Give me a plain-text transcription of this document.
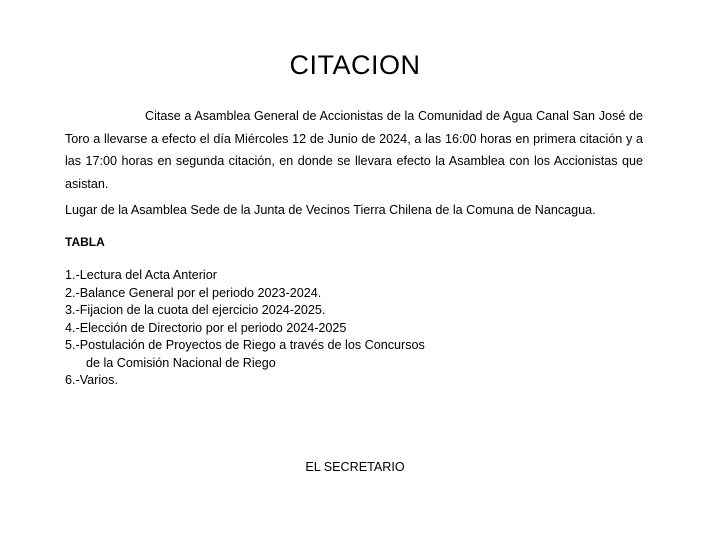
CITACION

Citase a Asamblea General de Accionistas de la Comunidad de Agua Canal San José de Toro a llevarse a efecto el día Miércoles 12 de Junio de 2024, a las 16:00 horas en primera citación y a las 17:00 horas en segunda citación, en donde se llevara efecto la Asamblea con los Accionistas que asistan.

Lugar de la Asamblea Sede de la Junta de Vecinos Tierra Chilena de la Comuna de Nancagua.

TABLA

1.-Lectura del Acta Anterior
2.-Balance General por el periodo 2023-2024.
3.-Fijacion de la cuota del ejercicio 2024-2025.
4.-Elección de Directorio por el periodo 2024-2025
5.-Postulación de Proyectos de Riego a través de los Concursos
de la Comisión Nacional de Riego
6.-Varios.
EL SECRETARIO
